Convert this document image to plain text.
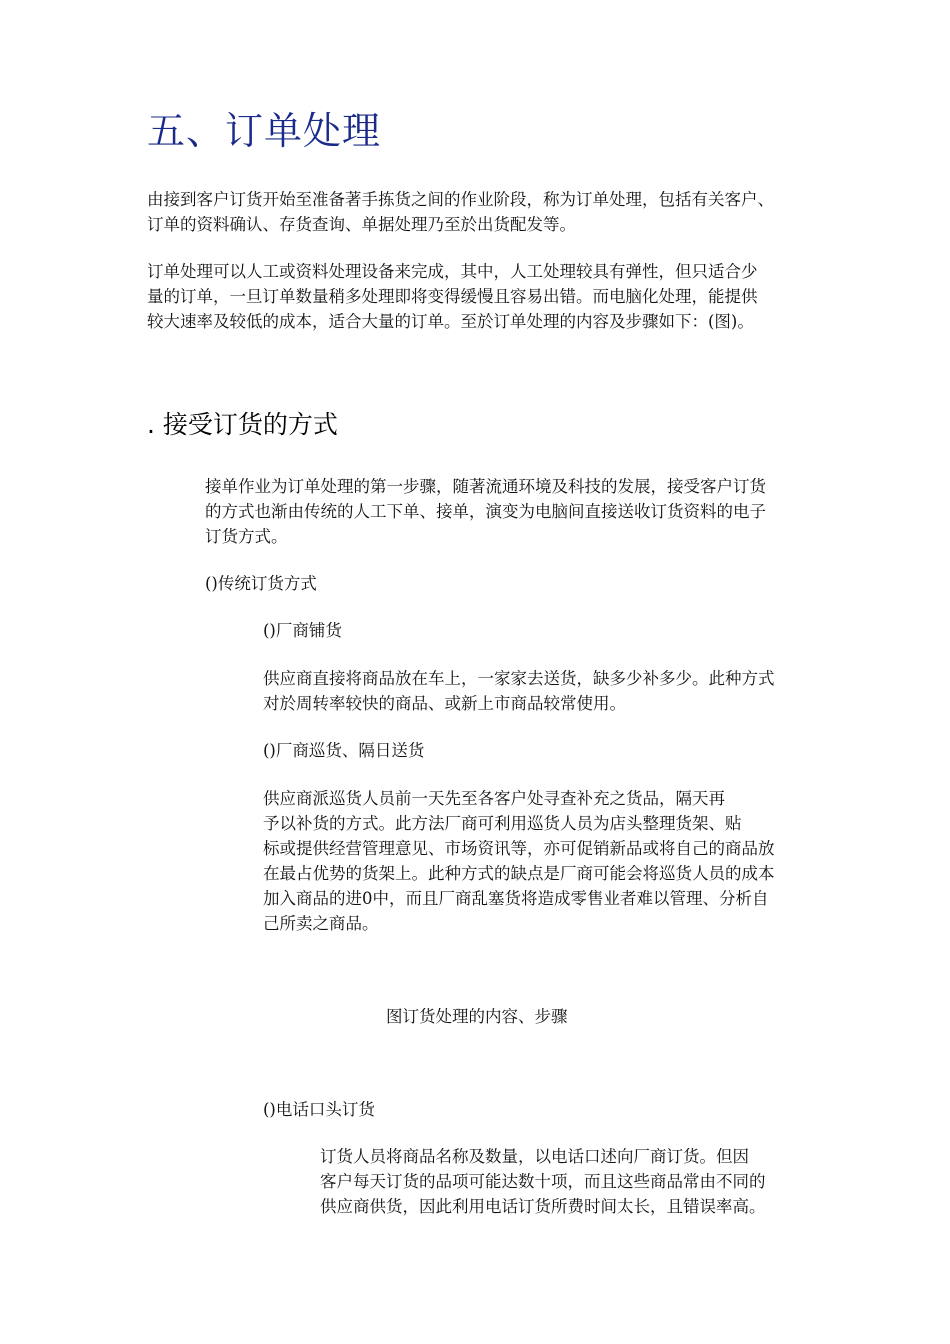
五、订单处理
由接到客户订货开始至准备著手拣货之间的作业阶段，称为订单处理，包括有关客户、
订单的资料确认、存货查询、单据处理乃至於出货配发等。
订单处理可以人工或资料处理设备来完成，其中，人工处理较具有弹性，但只适合少
量的订单，一旦订单数量稍多处理即将变得缓慢且容易出错。而电脑化处理，能提供
较大速率及较低的成本，适合大量的订单。至於订单处理的内容及步骤如下：(图)。
. 接受订货的方式
接单作业为订单处理的第一步骤，随著流通环境及科技的发展，接受客户订货
的方式也渐由传统的人工下单、接单，演变为电脑间直接送收订货资料的电子
订货方式。
()传统订货方式
()厂商铺货
供应商直接将商品放在车上，一家家去送货，缺多少补多少。此种方式
对於周转率较快的商品、或新上市商品较常使用。
()厂商巡货、隔日送货
供应商派巡货人员前一天先至各客户处寻查补充之货品，隔天再
予以补货的方式。此方法厂商可利用巡货人员为店头整理货架、贴
标或提供经营管理意见、市场资讯等，亦可促销新品或将自己的商品放
在最占优势的货架上。此种方式的缺点是厂商可能会将巡货人员的成本
加入商品的进0中，而且厂商乱塞货将造成零售业者难以管理、分析自
己所卖之商品。
图订货处理的内容、步骤
()电话口头订货
订货人员将商品名称及数量，以电话口述向厂商订货。但因
客户每天订货的品项可能达数十项，而且这些商品常由不同的
供应商供货，因此利用电话订货所费时间太长，且错误率高。
